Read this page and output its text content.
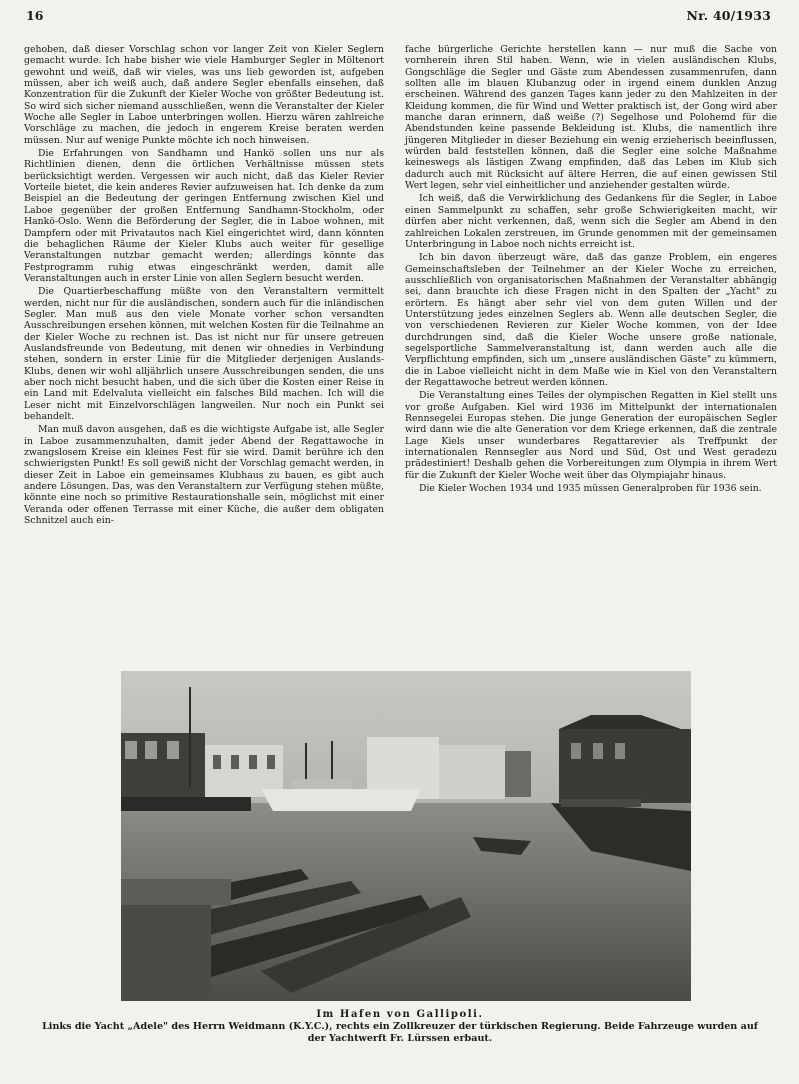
16	Nr. 40/1933

gehoben, daß dieser Vorschlag schon vor langer Zeit von Kieler Seglern gemacht wurde. Ich habe bisher wie viele Hamburger Segler in Möltenort gewohnt und weiß, daß wir vieles, was uns lieb geworden ist, aufgeben müssen, aber ich weiß auch, daß andere Segler ebenfalls einsehen, daß Konzentration für die Zukunft der Kieler Woche von größter Bedeutung ist. So wird sich sicher niemand ausschließen, wenn die Veranstalter der Kieler Woche alle Segler in Laboe unterbringen wollen. Hierzu wären zahlreiche Vorschläge zu machen, die jedoch in engerem Kreise beraten werden müssen. Nur auf wenige Punkte möchte ich noch hinweisen.

Die Erfahrungen von Sandhamn und Hankö sollen uns nur als Richtlinien dienen, denn die örtlichen Verhältnisse müssen stets berücksichtigt werden. Vergessen wir auch nicht, daß das Kieler Revier Vorteile bietet, die kein anderes Revier aufzuweisen hat. Ich denke da zum Beispiel an die Bedeutung der geringen Entfernung zwischen Kiel und Laboe gegenüber der großen Entfernung Sandhamn-Stockholm, oder Hankö-Oslo. Wenn die Beförderung der Segler, die in Laboe wohnen, mit Dampfern oder mit Privatautos nach Kiel eingerichtet wird, dann könnten die behaglichen Räume der Kieler Klubs auch weiter für gesellige Veranstaltungen nutzbar gemacht werden; allerdings könnte das Festprogramm ruhig etwas eingeschränkt werden, damit alle Veranstaltungen auch in erster Linie von allen Seglern besucht werden.

Die Quartierbeschaffung müßte von den Veranstaltern vermittelt werden, nicht nur für die ausländischen, sondern auch für die inländischen Segler. Man muß aus den viele Monate vorher schon versandten Ausschreibungen ersehen können, mit welchen Kosten für die Teilnahme an der Kieler Woche zu rechnen ist. Das ist nicht nur für unsere getreuen Auslandsfreunde von Bedeutung, mit denen wir ohnedies in Verbindung stehen, sondern in erster Linie für die Mitglieder derjenigen Auslands-Klubs, denen wir wohl alljährlich unsere Ausschreibungen senden, die uns aber noch nicht besucht haben, und die sich über die Kosten einer Reise in ein Land mit Edelvaluta vielleicht ein falsches Bild machen. Ich will die Leser nicht mit Einzelvorschlägen langweilen. Nur noch ein Punkt sei behandelt.

Man muß davon ausgehen, daß es die wichtigste Aufgabe ist, alle Segler in Laboe zusammenzuhalten, damit jeder Abend der Regattawoche in zwangslosem Kreise ein kleines Fest für sie wird. Damit berühre ich den schwierigsten Punkt! Es soll gewiß nicht der Vorschlag gemacht werden, in dieser Zeit in Laboe ein gemeinsames Klubhaus zu bauen, es gibt auch andere Lösungen. Das, was den Veranstaltern zur Verfügung stehen müßte, könnte eine noch so primitive Restaurationshalle sein, möglichst mit einer Veranda oder offenen Terrasse mit einer Küche, die außer dem obligaten Schnitzel auch ein-

fache bürgerliche Gerichte herstellen kann — nur muß die Sache von vornherein ihren Stil haben. Wenn, wie in vielen ausländischen Klubs, Gongschläge die Segler und Gäste zum Abendessen zusammenrufen, dann sollten alle im blauen Klubanzug oder in irgend einem dunklen Anzug erscheinen. Während des ganzen Tages kann jeder zu den Mahlzeiten in der Kleidung kommen, die für Wind und Wetter praktisch ist, der Gong wird aber manche daran erinnern, daß weiße (?) Segelhose und Polohemd für die Abendstunden keine passende Bekleidung ist. Klubs, die namentlich ihre jüngeren Mitglieder in dieser Beziehung ein wenig erzieherisch beeinflussen, würden bald feststellen können, daß die Segler eine solche Maßnahme keineswegs als lästigen Zwang empfinden, daß das Leben im Klub sich dadurch auch mit Rücksicht auf ältere Herren, die auf einen gewissen Stil Wert legen, sehr viel einheitlicher und anziehender gestalten würde.

Ich weiß, daß die Verwirklichung des Gedankens für die Segler, in Laboe einen Sammelpunkt zu schaffen, sehr große Schwierigkeiten macht, wir dürfen aber nicht verkennen, daß, wenn sich die Segler am Abend in den zahlreichen Lokalen zerstreuen, im Grunde genommen mit der gemeinsamen Unterbringung in Laboe noch nichts erreicht ist.

Ich bin davon überzeugt wäre, daß das ganze Problem, ein engeres Gemeinschaftsleben der Teilnehmer an der Kieler Woche zu erreichen, ausschließlich von organisatorischen Maßnahmen der Veranstalter abhängig sei, dann brauchte ich diese Fragen nicht in den Spalten der „Yacht" zu erörtern. Es hängt aber sehr viel von dem guten Willen und der Unterstützung jedes einzelnen Seglers ab. Wenn alle deutschen Segler, die von verschiedenen Revieren zur Kieler Woche kommen, von der Idee durchdrungen sind, daß die Kieler Woche unsere große nationale, segelsportliche Sammelveranstaltung ist, dann werden auch alle die Verpflichtung empfinden, sich um „unsere ausländischen Gäste" zu kümmern, die in Laboe vielleicht nicht in dem Maße wie in Kiel von den Veranstaltern der Regattawoche betreut werden können.

Die Veranstaltung eines Teiles der olympischen Regatten in Kiel stellt uns vor große Aufgaben. Kiel wird 1936 im Mittelpunkt der internationalen Rennsegelei Europas stehen. Die junge Generation der europäischen Segler wird dann wie die alte Generation vor dem Kriege erkennen, daß die zentrale Lage Kiels unser wunderbares Regattarevier als Treffpunkt der internationalen Rennsegler aus Nord und Süd, Ost und West geradezu prädestiniert! Deshalb gehen die Vorbereitungen zum Olympia in ihrem Wert für die Zukunft der Kieler Woche weit über das Olympiajahr hinaus.

Die Kieler Wochen 1934 und 1935 müssen Generalproben für 1936 sein.

Im Hafen von Gallipoli.
Links die Yacht „Adele" des Herrn Weidmann (K.Y.C.), rechts ein Zollkreuzer der türkischen Regierung. Beide Fahrzeuge wurden auf der Yachtwerft Fr. Lürssen erbaut.
